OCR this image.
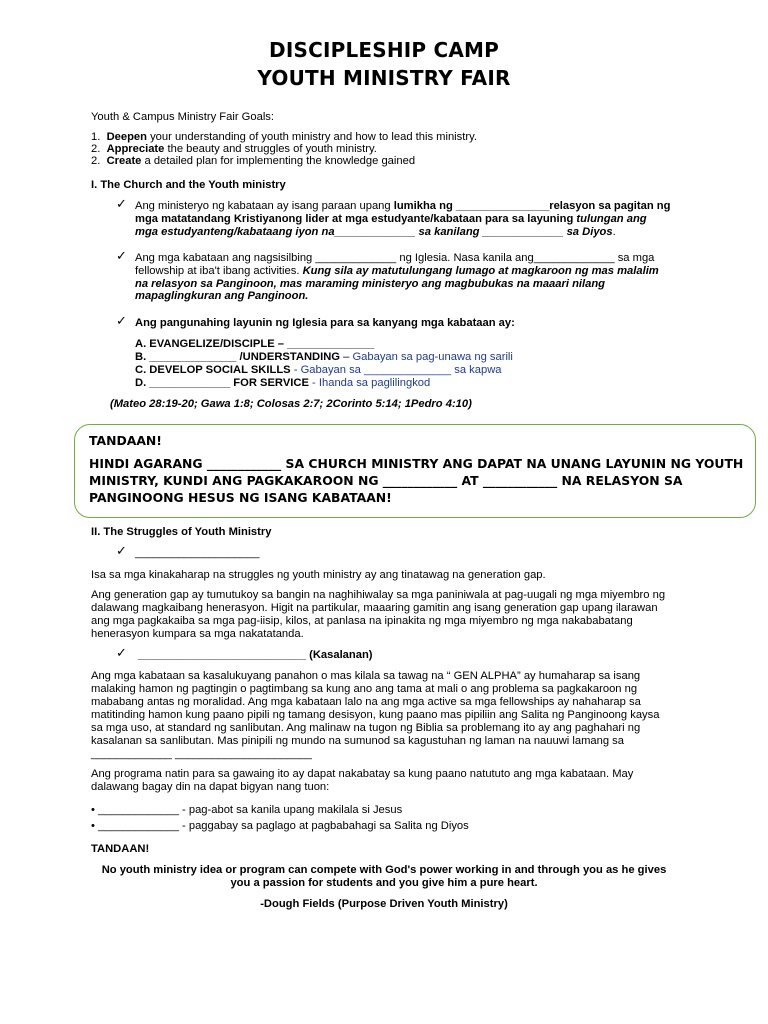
DISCIPLESHIP CAMP
YOUTH MINISTRY FAIR
Youth & Campus Ministry Fair Goals:
1. Deepen your understanding of youth ministry and how to lead this ministry.
2. Appreciate the beauty and struggles of youth ministry.
2. Create a detailed plan for implementing the knowledge gained
I. The Church and the Youth ministry
✓ Ang ministeryo ng kabataan ay isang paraan upang lumikha ng _______________relasyon sa pagitan ng
mga matatandang Kristiyanong lider at mga estudyante/kabataan para sa layuning tulungan ang
mga estudyanteng/kabataang iyon na_____________ sa kanilang _____________ sa Diyos.
✓ Ang mga kabataan ang nagsisilbing _____________ ng Iglesia. Nasa kanila ang_____________ sa mga
fellowship at iba't ibang activities. Kung sila ay matutulungang lumago at magkaroon ng mas malalim
na relasyon sa Panginoon, mas maraming ministeryo ang magbubukas na maaari nilang
mapaglingkuran ang Panginoon.
✓ Ang pangunahing layunin ng Iglesia para sa kanyang mga kabataan ay:
A. EVANGELIZE/DISCIPLE – ______________
B. ______________ /UNDERSTANDING – Gabayan sa pag-unawa ng sarili
C. DEVELOP SOCIAL SKILLS - Gabayan sa ______________ sa kapwa
D. _____________ FOR SERVICE - Ihanda sa paglilingkod
(Mateo 28:19-20; Gawa 1:8; Colosas 2:7; 2Corinto 5:14; 1Pedro 4:10)
TANDAAN!
HINDI AGARANG ____________ SA CHURCH MINISTRY ANG DAPAT NA UNANG LAYUNIN NG YOUTH
MINISTRY, KUNDI ANG PAGKAKAROON NG ____________ AT ____________ NA RELASYON SA
PANGINOONG HESUS NG ISANG KABATAAN!
II. The Struggles of Youth Ministry
✓ ____________________
Isa sa mga kinakaharap na struggles ng youth ministry ay ang tinatawag na generation gap.
Ang generation gap ay tumutukoy sa bangin na naghihiwalay sa mga paniniwala at pag-uugali ng mga miyembro ng
dalawang magkaibang henerasyon. Higit na partikular, maaaring gamitin ang isang generation gap upang ilarawan
ang mga pagkakaiba sa mga pag-iisip, kilos, at panlasa na ipinakita ng mga miyembro ng mga nakababatang
henerasyon kumpara sa mga nakatatanda.
✓ ___________________________ (Kasalanan)
Ang mga kabataan sa kasalukuyang panahon o mas kilala sa tawag na “ GEN ALPHA” ay humaharap sa isang
malaking hamon ng pagtingin o pagtimbang sa kung ano ang tama at mali o ang problema sa pagkakaroon ng
mababang antas ng moralidad. Ang mga kabataan lalo na ang mga active sa mga fellowships ay nahaharap sa
matitinding hamon kung paano pipili ng tamang desisyon, kung paano mas pipiliin ang Salita ng Panginoong kaysa
sa mga uso, at standard ng sanlibutan. Ang malinaw na tugon ng Biblia sa problemang ito ay ang paghahari ng
kasalanan sa sanlibutan. Mas pinipili ng mundo na sumunod sa kagustuhan ng laman na nauuwi lamang sa
_____________ ______________________
Ang programa natin para sa gawaing ito ay dapat nakabatay sa kung paano natututo ang mga kabataan. May
dalawang bagay din na dapat bigyan nang tuon:
• _____________ - pag-abot sa kanila upang makilala si Jesus
• _____________ - paggabay sa paglago at pagbabahagi sa Salita ng Diyos
TANDAAN!
No youth ministry idea or program can compete with God's power working in and through you as he gives
you a passion for students and you give him a pure heart.
-Dough Fields (Purpose Driven Youth Ministry)
